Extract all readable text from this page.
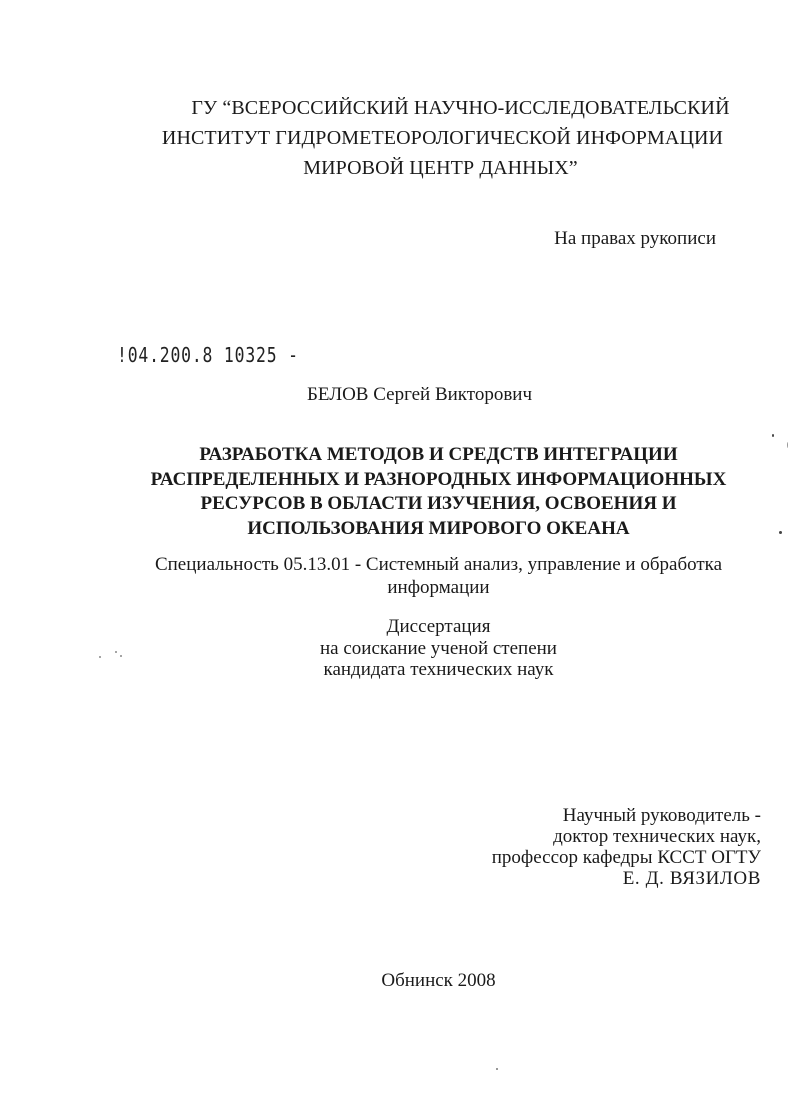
ГУ “ВСЕРОССИЙСКИЙ НАУЧНО-ИССЛЕДОВАТЕЛЬСКИЙ
ИНСТИТУТ ГИДРОМЕТЕОРОЛОГИЧЕСКОЙ ИНФОРМАЦИИ
МИРОВОЙ ЦЕНТР ДАННЫХ”
На правах рукописи
!04.200.8 10325 -
БЕЛОВ Сергей Викторович
РАЗРАБОТКА МЕТОДОВ И СРЕДСТВ ИНТЕГРАЦИИ
РАСПРЕДЕЛЕННЫХ И РАЗНОРОДНЫХ ИНФОРМАЦИОННЫХ
РЕСУРСОВ В ОБЛАСТИ ИЗУЧЕНИЯ, ОСВОЕНИЯ И
ИСПОЛЬЗОВАНИЯ МИРОВОГО ОКЕАНА
Специальность 05.13.01 - Системный анализ, управление и обработка
информации
Диссертация
на соискание ученой степени
кандидата технических наук
Научный руководитель -
доктор технических наук,
профессор кафедры КССТ ОГТУ
Е. Д. ВЯЗИЛОВ
Обнинск 2008
